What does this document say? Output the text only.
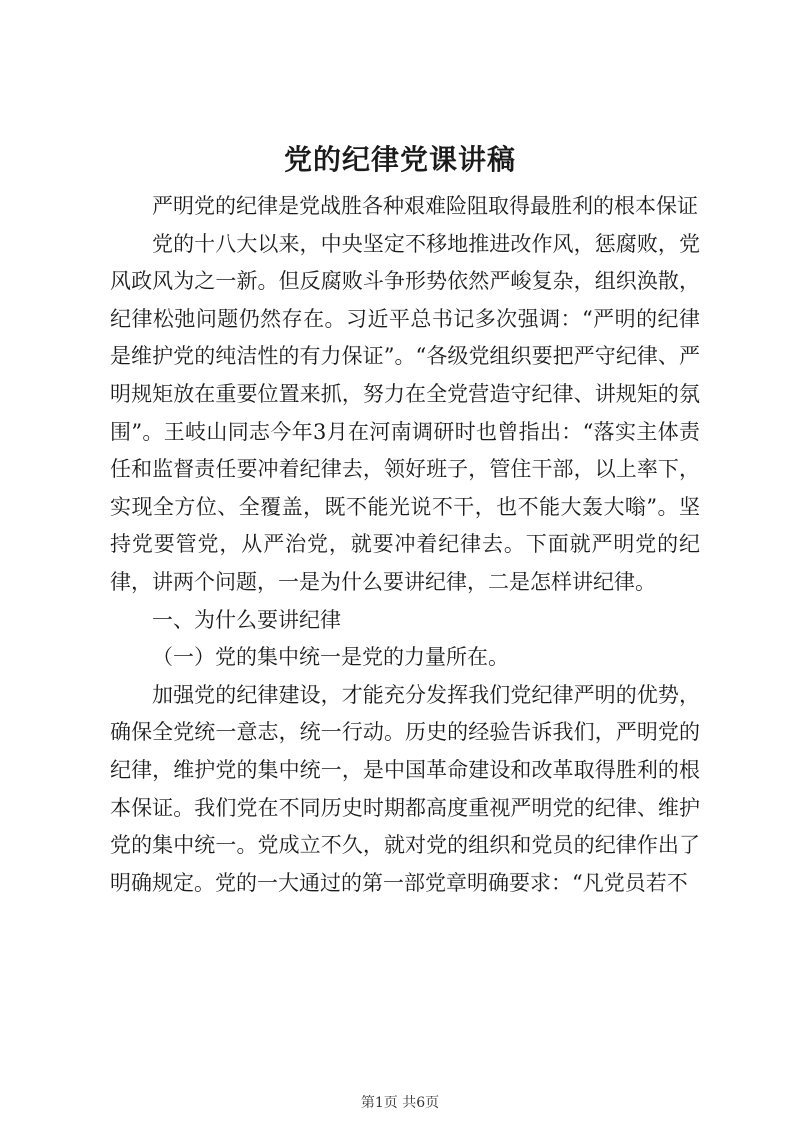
党的纪律党课讲稿

严明党的纪律是党战胜各种艰难险阻取得最胜利的根本保证

党的十八大以来，中央坚定不移地推进改作风，惩腐败，党风政风为之一新。但反腐败斗争形势依然严峻复杂，组织涣散，纪律松弛问题仍然存在。习近平总书记多次强调：“严明的纪律是维护党的纯洁性的有力保证”。“各级党组织要把严守纪律、严明规矩放在重要位置来抓，努力在全党营造守纪律、讲规矩的氛围”。王岐山同志今年3月在河南调研时也曾指出：“落实主体责任和监督责任要冲着纪律去，领好班子，管住干部，以上率下，实现全方位、全覆盖，既不能光说不干，也不能大轰大嗡”。坚持党要管党，从严治党，就要冲着纪律去。下面就严明党的纪律，讲两个问题，一是为什么要讲纪律，二是怎样讲纪律。

一、为什么要讲纪律

（一）党的集中统一是党的力量所在。

加强党的纪律建设，才能充分发挥我们党纪律严明的优势，确保全党统一意志，统一行动。历史的经验告诉我们，严明党的纪律，维护党的集中统一，是中国革命建设和改革取得胜利的根本保证。我们党在不同历史时期都高度重视严明党的纪律、维护党的集中统一。党成立不久，就对党的组织和党员的纪律作出了明确规定。党的一大通过的第一部党章明确要求：“凡党员若不

第1页 共6页
